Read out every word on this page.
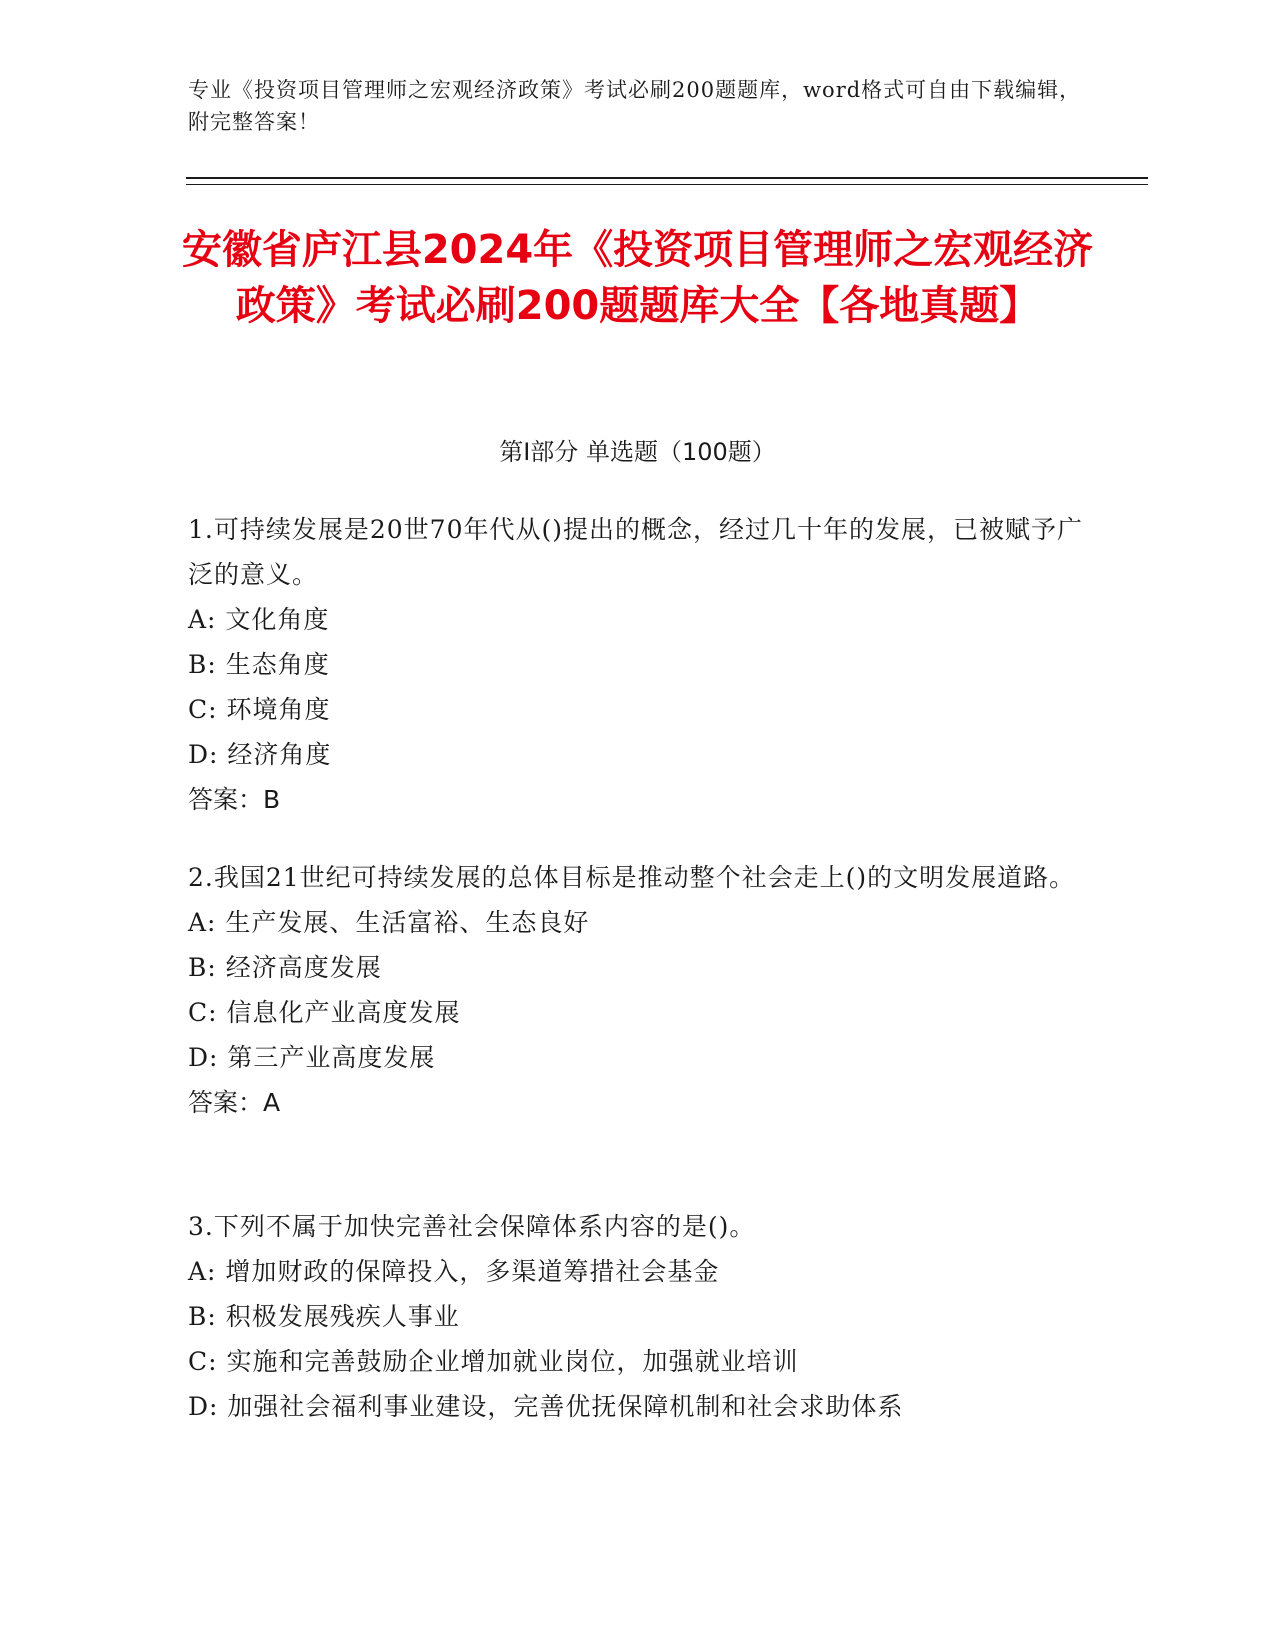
专业《投资项目管理师之宏观经济政策》考试必刷200题题库，word格式可自由下载编辑，附完整答案！
安徽省庐江县2024年《投资项目管理师之宏观经济政策》考试必刷200题题库大全【各地真题】
第Ⅰ部分 单选题（100题）
1.可持续发展是20世70年代从()提出的概念，经过几十年的发展，已被赋予广泛的意义。
A: 文化角度
B: 生态角度
C: 环境角度
D: 经济角度
答案：B
2.我国21世纪可持续发展的总体目标是推动整个社会走上()的文明发展道路。
A: 生产发展、生活富裕、生态良好
B: 经济高度发展
C: 信息化产业高度发展
D: 第三产业高度发展
答案：A
3.下列不属于加快完善社会保障体系内容的是()。
A: 增加财政的保障投入，多渠道筹措社会基金
B: 积极发展残疾人事业
C: 实施和完善鼓励企业增加就业岗位，加强就业培训
D: 加强社会福利事业建设，完善优抚保障机制和社会求助体系
